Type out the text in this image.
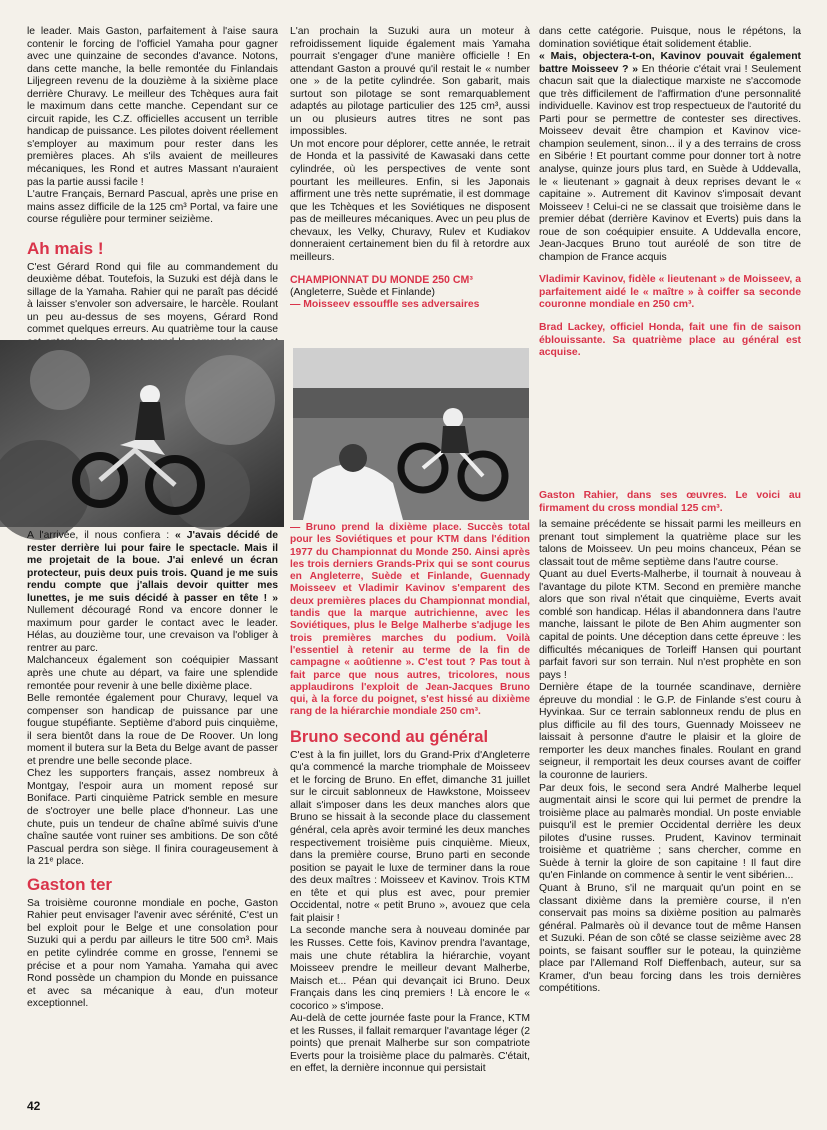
le leader. Mais Gaston, parfaitement à l'aise saura contenir le forcing de l'officiel Yamaha pour gagner avec une quinzaine de secondes d'avance. Notons, dans cette manche, la belle remontée du Finlandais Liljegreen revenu de la douzième à la sixième place derrière Churavy. Le meilleur des Tchèques aura fait le maximum dans cette manche. Cependant sur ce circuit rapide, les C.Z. officielles accusent un terrible handicap de puissance. Les pilotes doivent réellement s'employer au maximum pour rester dans les premières places. Ah s'ils avaient de meilleures mécaniques, les Rond et autres Massant n'auraient pas la partie aussi facile !

L'autre Français, Bernard Pascual, après une prise en mains assez difficile de la 125 cm³ Portal, va faire une course régulière pour terminer seizième.

Ah mais !

C'est Gérard Rond qui file au commandement du deuxième débat. Toutefois, la Suzuki est déjà dans le sillage de la Yamaha. Rahier qui ne paraît pas décidé à laisser s'envoler son adversaire, le harcèle. Roulant un peu au-dessus de ses moyens, Gérard Rond commet quelques erreurs. Au quatrième tour la cause

A l'arrivée, il nous confiera : « J'avais décidé de rester derrière lui pour faire le spectacle. Mais il me projetait de la boue. J'ai enlevé un écran protecteur, puis deux puis trois. Quand je me suis rendu compte que j'allais devoir quitter mes lunettes, je me suis décidé à passer en tête ! » Nullement découragé Rond va encore donner le maximum pour garder le contact avec le leader. Hélas, au douzième tour, une crevaison va l'obliger à rentrer au parc.

Malchanceux également son coéquipier Massant après une chute au départ, va faire une splendide remontée pour revenir à une belle dixième place.

Belle remontée également pour Churavy, lequel va compenser son handicap de puissance par une fougue stupéfiante. Septième d'abord puis cinquième, il sera bientôt dans la roue de De Roover. Un long moment il butera sur la Beta du Belge avant de passer et prendre une belle seconde place.

Chez les supporters français, assez nombreux à Montgay, l'espoir aura un moment reposé sur Boniface. Parti cinquième Patrick semble en mesure de s'octroyer une belle place d'honneur. Las une chute, puis un tendeur de chaîne abîmé suivis d'une chaîne sautée vont ruiner ses ambitions. De son côté Pascual perdra son siège. Il finira courageusement à la 21ᵉ place.

Gaston ter

Sa troisième couronne mondiale en poche, Gaston Rahier peut envisager l'avenir avec sérénité, C'est un bel exploit pour le Belge et une consolation pour Suzuki qui a perdu par ailleurs le titre 500 cm³. Mais en petite cylindrée comme en grosse, l'ennemi se précise et a pour nom Yamaha. Yamaha qui avec Rond possède un champion du Monde en puissance et avec sa mécanique à eau, d'un moteur exceptionnel.

L'an prochain la Suzuki aura un moteur à refroidissement liquide également mais Yamaha pourrait s'engager d'une manière officielle ! En attendant Gaston a prouvé qu'il restait le « number one » de la petite cylindrée. Son gabarit, mais surtout son pilotage se sont remarquablement adaptés au pilotage particulier des 125 cm³, aussi un ou plusieurs autres titres ne sont pas impossibles.

Un mot encore pour déplorer, cette année, le retrait de Honda et la passivité de Kawasaki dans cette cylindrée, où les perspectives de vente sont pourtant les meilleures. Enfin, si les Japonais affirment une très nette suprématie, il est dommage que les Tchèques et les Soviétiques ne disposent pas de meilleures mécaniques. Avec un peu plus de chevaux, les Velky, Churavy, Rulev et Kudiakov donneraient certainement bien du fil à retordre aux meilleurs.

CHAMPIONNAT DU MONDE 250 CM³
(Angleterre, Suède et Finlande)
— Moisseev essouffle ses adversaires

— Bruno prend la dixième place. Succès total pour les Soviétiques et pour KTM dans l'édition 1977 du Championnat du Monde 250. Ainsi après les trois derniers Grands-Prix qui se sont courus en Angleterre, Suède et Finlande, Guennady Moisseev et Vladimir Kavinov s'emparent des deux premières places du Championnat mondial, tandis que la marque autrichienne, avec les Soviétiques, plus le Belge Malherbe s'adjuge les trois premières marches du podium. Voilà l'essentiel à retenir au terme de la fin de campagne « aoûtienne ». C'est tout ? Pas tout à fait parce que nous autres, tricolores, nous applaudirons l'exploit de Jean-Jacques Bruno qui, à la force du poignet, s'est hissé au dixième rang de la hiérarchie mondiale 250 cm³.

Bruno second au général

C'est à la fin juillet, lors du Grand-Prix d'Angleterre qu'a commencé la marche triomphale de Moisseev et le forcing de Bruno. En effet, dimanche 31 juillet sur le circuit sablonneux de Hawkstone, Moisseev allait s'imposer dans les deux manches alors que Bruno se hissait à la seconde place du classement général, cela après avoir terminé les deux manches respectivement troisième puis cinquième. Mieux, dans la première course, Bruno parti en seconde position se payait le luxe de terminer dans la roue des deux maîtres : Moisseev et Kavinov. Trois KTM en tête et qui plus est avec, pour premier Occidental, notre « petit Bruno », avouez que cela fait plaisir !

La seconde manche sera à nouveau dominée par les Russes. Cette fois, Kavinov prendra l'avantage, mais une chute rétablira la hiérarchie, voyant Moisseev prendre le meilleur devant Malherbe, Maisch et... Péan qui devançait ici Bruno. Deux Français dans les cinq premiers ! Là encore le « cocorico » s'impose.

Au-delà de cette journée faste pour la France, KTM et les Russes, il fallait remarquer l'avantage léger (2 points) que prenait Malherbe sur son compatriote Everts pour la troisième place du palmarès. C'était, en effet, la dernière inconnue qui persistait

dans cette catégorie. Puisque, nous le répétons, la domination soviétique était solidement établie.

« Mais, objectera-t-on, Kavinov pouvait également battre Moisseev ? » En théorie c'était vrai ! Seulement chacun sait que la dialectique marxiste ne s'accomode que très difficilement de l'affirmation d'une personnalité individuelle. Kavinov est trop respectueux de l'autorité du Parti pour se permettre de contester ses directives. Moisseev devait être champion et Kavinov vice-champion seulement, sinon... il y a des terrains de cross en Sibérie ! Et pourtant comme pour donner tort à notre analyse, quinze jours plus tard, en Suède à Uddevalla, le « lieutenant » gagnait à deux reprises devant le « capitaine ». Autrement dit Kavinov s'imposait devant Moisseev ! Celui-ci ne se classait que troisième dans le premier débat (derrière Kavinov et Everts) puis dans la roue de son coéquipier ensuite. A Uddevalla encore, Jean-Jacques Bruno tout auréolé de son titre de champion de France acquis

Vladimir Kavinov, fidèle « lieutenant » de Moisseev, a parfaitement aidé le « maître » à coiffer sa seconde couronne mondiale en 250 cm³.

Brad Lackey, officiel Honda, fait une fin de saison éblouissante. Sa quatrième place au général est acquise.

Gaston Rahier, dans ses œuvres. Le voici au firmament du cross mondial 125 cm³.

la semaine précédente se hissait parmi les meilleurs en prenant tout simplement la quatrième place sur les talons de Moisseev. Un peu moins chanceux, Péan se classait tout de même septième dans l'autre course.

Quant au duel Everts-Malherbe, il tournait à nouveau à l'avantage du pilote KTM. Second en première manche alors que son rival n'était que cinquième, Everts avait comblé son handicap. Hélas il abandonnera dans l'autre manche, laissant le pilote de Ben Ahim augmenter son capital de points. Une déception dans cette épreuve : les difficultés mécaniques de Torleiff Hansen qui pourtant parfait favori sur son terrain. Nul n'est prophète en son pays !

Dernière étape de la tournée scandinave, dernière épreuve du mondial : le G.P. de Finlande s'est couru à Hyvinkaa. Sur ce terrain sablonneux rendu de plus en plus difficile au fil des tours, Guennady Moisseev ne laissait à personne d'autre le plaisir et la gloire de remporter les deux manches finales. Roulant en grand seigneur, il remportait les deux courses avant de coiffer la couronne de lauriers.

Par deux fois, le second sera André Malherbe lequel augmentait ainsi le score qui lui permet de prendre la troisième place au palmarès mondial. Un poste enviable puisqu'il est le premier Occidental derrière les deux pilotes d'usine russes. Prudent, Kavinov terminait troisième et quatrième ; sans chercher, comme en Suède à ternir la gloire de son capitaine ! Il faut dire qu'en Finlande on commence à sentir le vent sibérien...

Quant à Bruno, s'il ne marquait qu'un point en se classant dixième dans la première course, il n'en conservait pas moins sa dixième position au palmarès général. Palmarès où il devance tout de même Hansen et Suzuki. Péan de son côté se classe seizième avec 28 points, se faisant souffler sur le poteau, la quinzième place par l'Allemand Rolf Dieffenbach, auteur, sur sa Kramer, d'un beau forcing dans les trois dernières compétitions.

42
